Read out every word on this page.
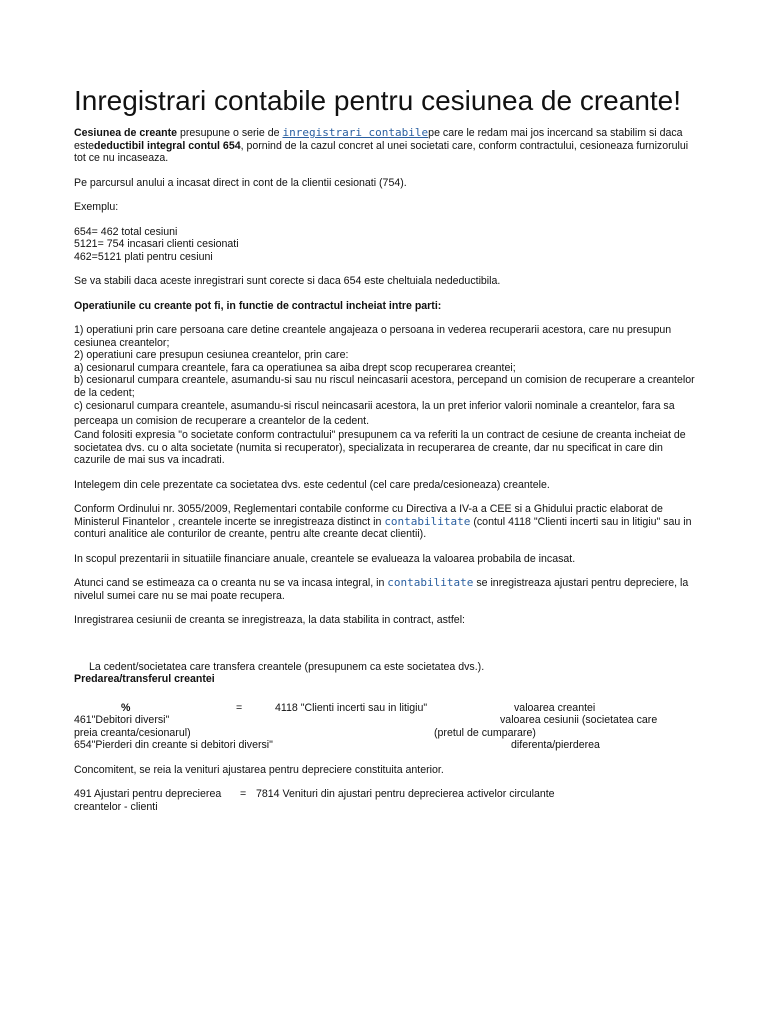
Inregistrari contabile pentru cesiunea de creante!

Cesiunea de creante presupune o serie de inregistrari contabilepe care le redam mai jos incercand sa stabilim si daca estedeductibil integral contul 654, pornind de la cazul concret al unei societati care, conform contractului, cesioneaza furnizorului tot ce nu incaseaza.

Pe parcursul anului a incasat direct in cont de la clientii cesionati (754).

Exemplu:

654= 462 total cesiuni

5121= 754 incasari clienti cesionati

462=5121 plati pentru cesiuni

Se va stabili daca aceste inregistrari sunt corecte si daca 654 este cheltuiala nedeductibila.

Operatiunile cu creante pot fi, in functie de contractul incheiat intre parti:

1) operatiuni prin care persoana care detine creantele angajeaza o persoana in vederea recuperarii acestora, care nu presupun cesiunea creantelor;

2) operatiuni care presupun cesiunea creantelor, prin care:

a) cesionarul cumpara creantele, fara ca operatiunea sa aiba drept scop recuperarea creantei;

b) cesionarul cumpara creantele, asumandu-si sau nu riscul neincasarii acestora, percepand un comision de recuperare a creantelor de la cedent;

c) cesionarul cumpara creantele, asumandu-si riscul neincasarii acestora, la un pret inferior valorii nominale a creantelor, fara sa perceapa un comision de recuperare a creantelor de la cedent.

Cand folositi expresia "o societate conform contractului" presupunem ca va referiti la un contract de cesiune de creanta incheiat de societatea dvs. cu o alta societate (numita si recuperator), specializata in recuperarea de creante, dar nu specificat in care din cazurile de mai sus va incadrati.

Intelegem din cele prezentate ca societatea dvs. este cedentul (cel care preda/cesioneaza) creantele.

Conform Ordinului nr. 3055/2009, Reglementari contabile conforme cu Directiva a IV-a a CEE si a Ghidului practic elaborat de Ministerul Finantelor , creantele incerte se inregistreaza distinct in contabilitate (contul 4118 "Clienti incerti sau in litigiu" sau in conturi analitice ale conturilor de creante, pentru alte creante decat clientii).

In scopul prezentarii in situatiile financiare anuale, creantele se evalueaza la valoarea probabila de incasat.

Atunci cand se estimeaza ca o creanta nu se va incasa integral, in contabilitate se inregistreaza ajustari pentru depreciere, la nivelul sumei care nu se mai poate recupera.

Inregistrarea cesiunii de creanta se inregistreaza, la data stabilita in contract, astfel:

La cedent/societatea care transfera creantele (presupunem ca este societatea dvs.).

Predarea/transferul creantei

%	=	4118 "Clienti incerti sau in litigiu"	valoarea creantei
461"Debitori diversi"	valoarea cesiunii (societatea care
preia creanta/cesionarul)	(pretul de cumparare)
654"Pierderi din creante si debitori diversi"	diferenta/pierderea

Concomitent, se reia la venituri ajustarea pentru depreciere constituita anterior.

491 Ajustari pentru deprecierea = 7814 Venituri din ajustari pentru deprecierea activelor circulante
creantelor - clienti
